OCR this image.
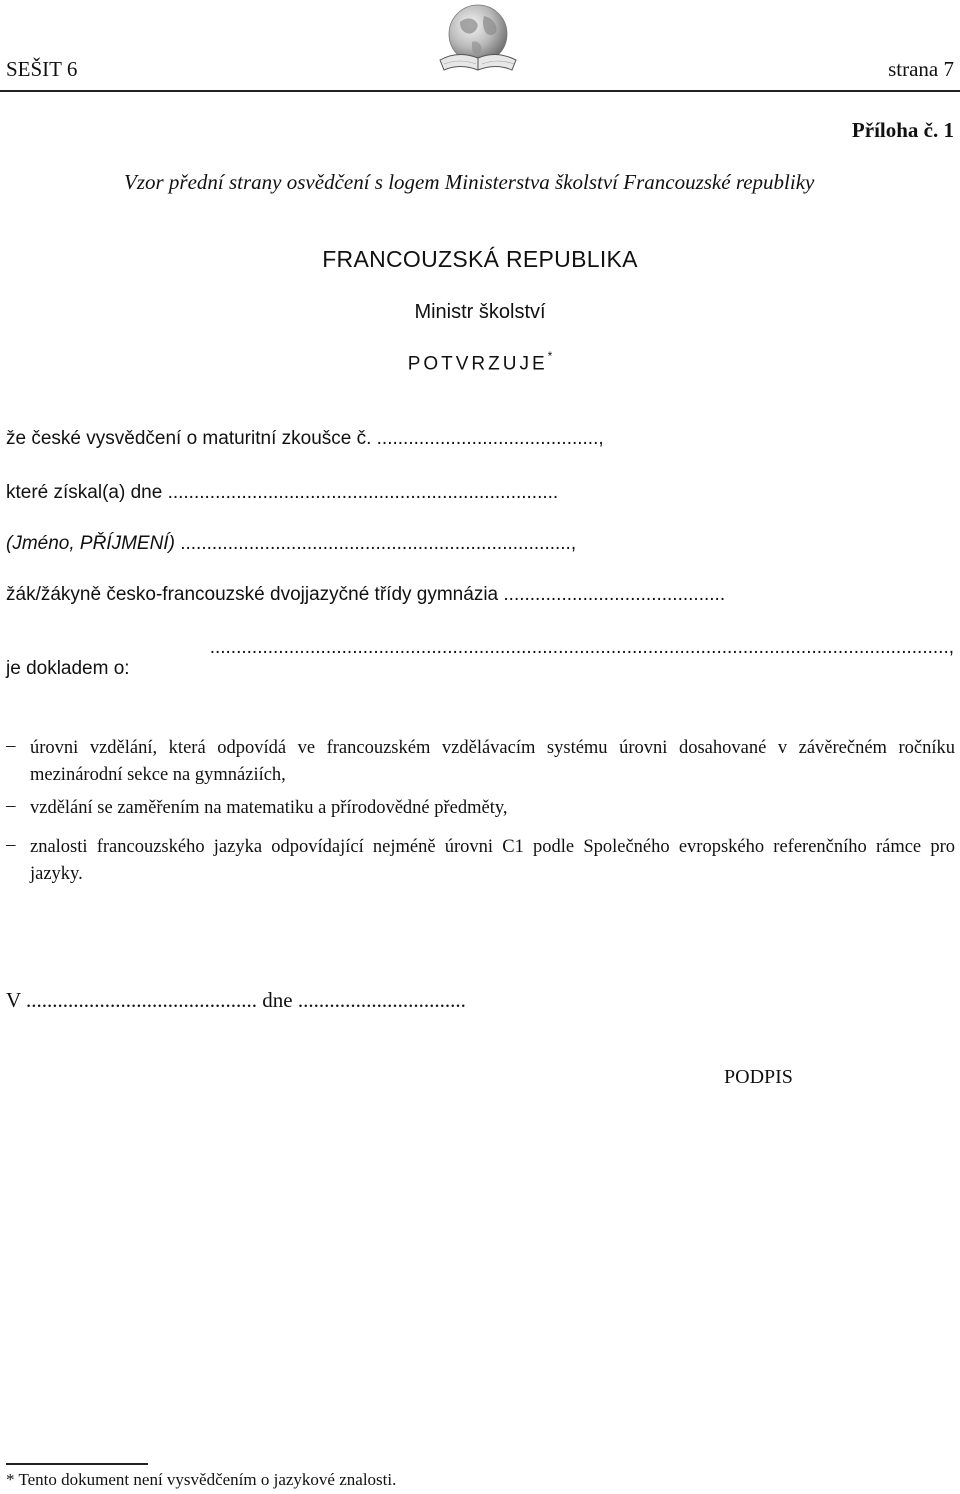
SEŠIT 6	strana 7
Příloha č. 1
Vzor přední strany osvědčení s logem Ministerstva školství Francouzské republiky
FRANCOUZSKÁ REPUBLIKA
Ministr školství
POTVRZUJE*
že české vysvědčení o maturitní zkoušce č. ..........................................,
které získal(a) dne ..........................................................................
(Jméno, PŘÍJMENÍ) ..........................................................................,
žák/žákyně česko-francouzské dvojjazyčné třídy gymnázia ..........................................
............................................................................................................................................,
je dokladem o:
– úrovni vzdělání, která odpovídá ve francouzském vzdělávacím systému úrovni dosahované v závěrečném ročníku mezinárodní sekce na gymnáziích,
– vzdělání se zaměřením na matematiku a přírodovědné předměty,
– znalosti francouzského jazyka odpovídající nejméně úrovni C1 podle Společného evropského referenčního rámce pro jazyky.
V ............................................ dne ................................
PODPIS
* Tento dokument není vysvědčením o jazykové znalosti.
